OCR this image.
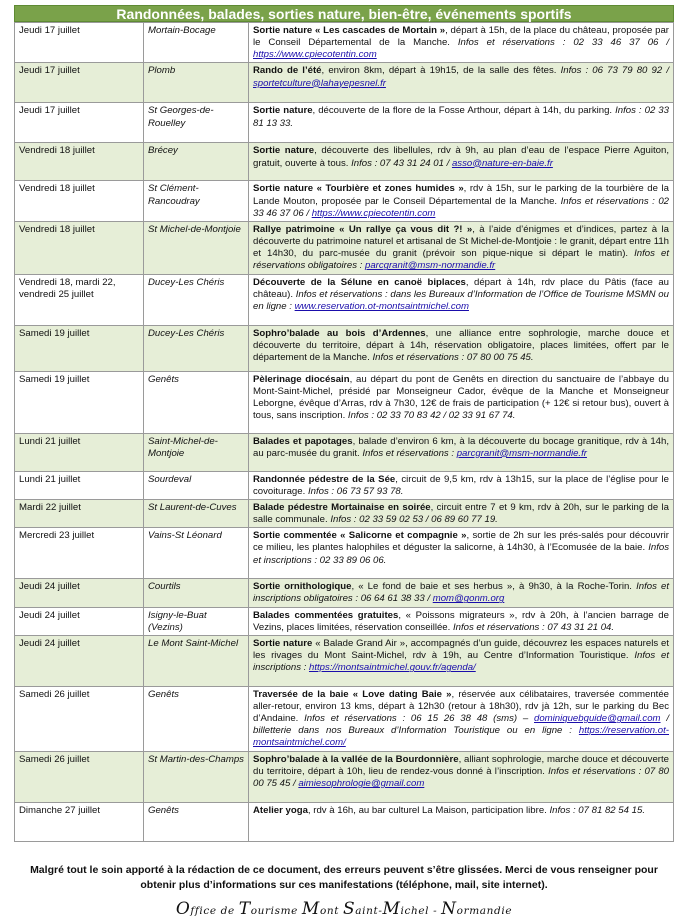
Randonnées, balades, sorties nature, bien-être, événements sportifs
Jeudi 17 juillet	Mortain-Bocage	Sortie nature « Les cascades de Mortain », départ à 15h, de la place du château, proposée par le Conseil Départemental de la Manche. Infos et réservations : 02 33 46 37 06 / https://www.cpiecotentin.com
Jeudi 17 juillet	Plomb	Rando de l’été, environ 8km, départ à 19h15, de la salle des fêtes. Infos : 06 73 79 80 92 / sportetculture@lahayepesnel.fr
Jeudi 17 juillet	St Georges-de-Rouelley	Sortie nature, découverte de la flore de la Fosse Arthour, départ à 14h, du parking. Infos : 02 33 81 13 33.
Vendredi 18 juillet	Brécey	Sortie nature, découverte des libellules, rdv à 9h, au plan d’eau de l’espace Pierre Aguiton, gratuit, ouverte à tous. Infos : 07 43 31 24 01 / asso@nature-en-baie.fr
Vendredi 18 juillet	St Clément-Rancoudray	Sortie nature « Tourbière et zones humides », rdv à 15h, sur le parking de la tourbière de la Lande Mouton, proposée par le Conseil Départemental de la Manche. Infos et réservations : 02 33 46 37 06 / https://www.cpiecotentin.com
Vendredi 18 juillet	St Michel-de-Montjoie	Rallye patrimoine « Un rallye ça vous dit ?! », à l’aide d’énigmes et d’indices, partez à la découverte du patrimoine naturel et artisanal de St Michel-de-Montjoie : le granit, départ entre 11h et 14h30, du parc-musée du granit (prévoir son pique-nique si départ le matin). Infos et réservations obligatoires : parcgranit@msm-normandie.fr
Vendredi 18, mardi 22, vendredi 25 juillet	Ducey-Les Chéris	Découverte de la Sélune en canoë biplaces, départ à 14h, rdv place du Pâtis (face au château). Infos et réservations : dans les Bureaux d’Information de l’Office de Tourisme MSMN ou en ligne : www.reservation.ot-montsaintmichel.com
Samedi 19 juillet	Ducey-Les Chéris	Sophro’balade au bois d’Ardennes, une alliance entre sophrologie, marche douce et découverte du territoire, départ à 14h, réservation obligatoire, places limitées, offert par le département de la Manche. Infos et réservations : 07 80 00 75 45.
Samedi 19 juillet	Genêts	Pèlerinage diocésain, au départ du pont de Genêts en direction du sanctuaire de l’abbaye du Mont-Saint-Michel, présidé par Monseigneur Cador, évêque de la Manche et Monseigneur Leborgne, évêque d’Arras, rdv à 7h30, 12€ de frais de participation (+ 12€ si retour bus), ouvert à tous, sans inscription. Infos : 02 33 70 83 42 / 02 33 91 67 74.
Lundi 21 juillet	Saint-Michel-de-Montjoie	Balades et papotages, balade d’environ 6 km, à la découverte du bocage granitique, rdv à 14h, au parc-musée du granit. Infos et réservations : parcgranit@msm-normandie.fr
Lundi 21 juillet	Sourdeval	Randonnée pédestre de la Sée, circuit de 9,5 km, rdv à 13h15, sur la place de l’église pour le covoiturage. Infos : 06 73 57 93 78.
Mardi 22 juillet	St Laurent-de-Cuves	Balade pédestre Mortainaise en soirée, circuit entre 7 et 9 km, rdv à 20h, sur le parking de la salle communale. Infos : 02 33 59 02 53 / 06 89 60 77 19.
Mercredi 23 juillet	Vains-St Léonard	Sortie commentée « Salicorne et compagnie », sortie de 2h sur les prés-salés pour découvrir ce milieu, les plantes halophiles et déguster la salicorne, à 14h30, à l’Ecomusée de la baie. Infos et inscriptions : 02 33 89 06 06.
Jeudi 24 juillet	Courtils	Sortie ornithologique, « Le fond de baie et ses herbus », à 9h30, à la Roche-Torin. Infos et inscriptions obligatoires : 06 64 61 38 33 / mom@gonm.org
Jeudi 24 juillet	Isigny-le-Buat (Vezins)	Balades commentées gratuites, « Poissons migrateurs », rdv à 20h, à l’ancien barrage de Vezins, places limitées, réservation conseillée. Infos et réservations : 07 43 31 21 04.
Jeudi 24 juillet	Le Mont Saint-Michel	Sortie nature « Balade Grand Air », accompagnés d’un guide, découvrez les espaces naturels et les rivages du Mont Saint-Michel, rdv à 19h, au Centre d’Information Touristique. Infos et inscriptions : https://montsaintmichel.gouv.fr/agenda/
Samedi 26 juillet	Genêts	Traversée de la baie « Love dating Baie », réservée aux célibataires, traversée commentée aller-retour, environ 13 kms, départ à 12h30 (retour à 18h30), rdv jà 12h, sur le parking du Bec d’Andaine. Infos et réservations : 06 15 26 38 48 (sms) – dominiquebguide@gmail.com / billetterie dans nos Bureaux d’Information Touristique ou en ligne : https://reservation.ot-montsaintmichel.com/
Samedi 26 juillet	St Martin-des-Champs	Sophro’balade à la vallée de la Bourdonnière, alliant sophrologie, marche douce et découverte du territoire, départ à 10h, lieu de rendez-vous donné à l’inscription. Infos et réservations : 07 80 00 75 45 / aimiesophrologie@gmail.com
Dimanche 27 juillet	Genêts	Atelier yoga, rdv à 16h, au bar culturel La Maison, participation libre. Infos : 07 81 82 54 15.
Malgré tout le soin apporté à la rédaction de ce document, des erreurs peuvent s’être glissées. Merci de vous renseigner pour obtenir plus d’informations sur ces manifestations (téléphone, mail, site internet).
Office de Tourisme Mont Saint-Michel - Normandie
